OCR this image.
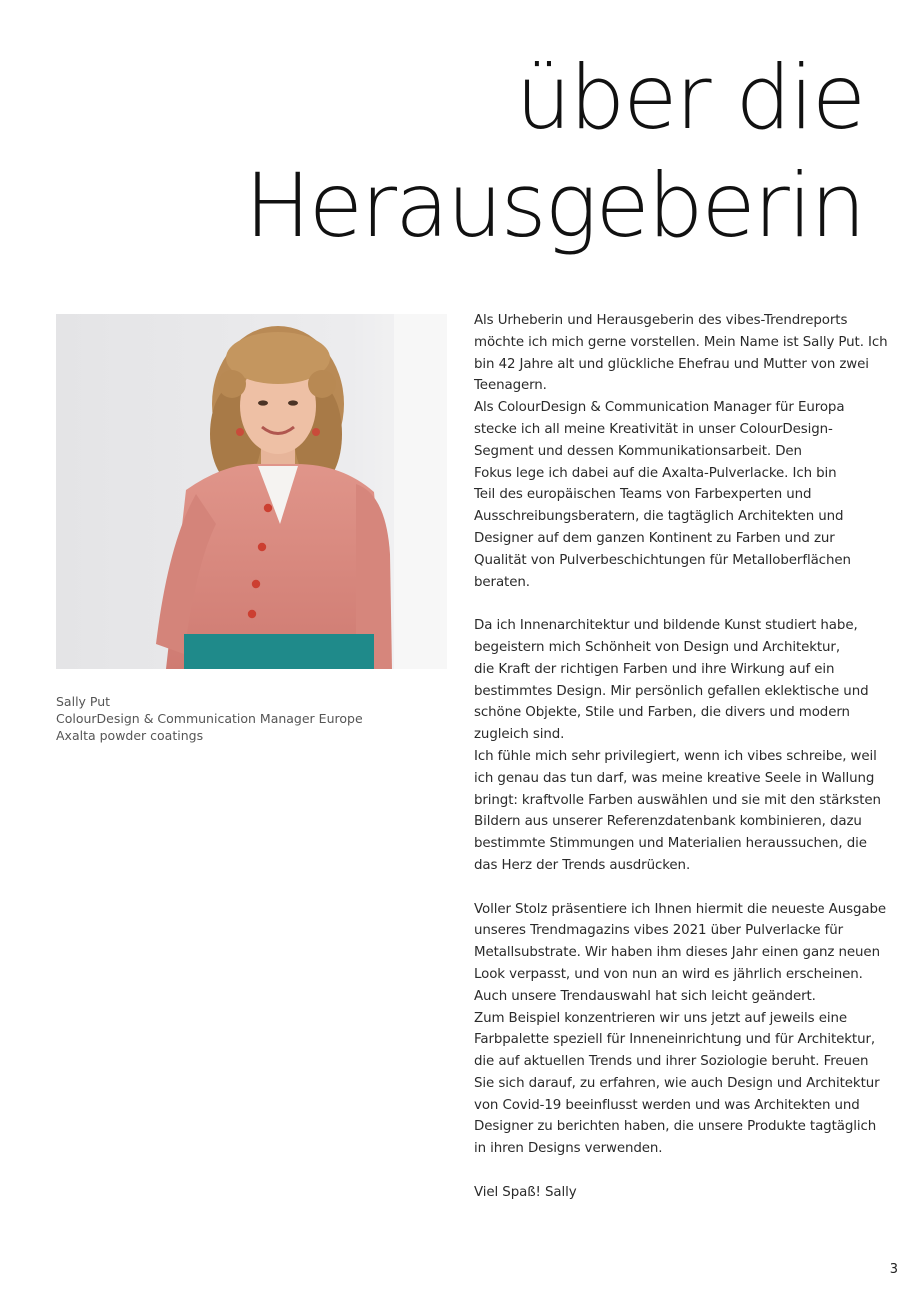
über die
Herausgeberin
Sally Put
ColourDesign & Communication Manager Europe
Axalta powder coatings
Als Urheberin und Herausgeberin des vibes-Trendreports
möchte ich mich gerne vorstellen. Mein Name ist Sally Put. Ich
bin 42 Jahre alt und glückliche Ehefrau und Mutter von zwei
Teenagern.
Als ColourDesign & Communication Manager für Europa
stecke ich all meine Kreativität in unser ColourDesign-
Segment und dessen Kommunikationsarbeit. Den
Fokus lege ich dabei auf die Axalta-Pulverlacke. Ich bin
Teil des europäischen Teams von Farbexperten und
Ausschreibungsberatern, die tagtäglich Architekten und
Designer auf dem ganzen Kontinent zu Farben und zur
Qualität von Pulverbeschichtungen für Metalloberflächen
beraten.
Da ich Innenarchitektur und bildende Kunst studiert habe,
begeistern mich Schönheit von Design und Architektur,
die Kraft der richtigen Farben und ihre Wirkung auf ein
bestimmtes Design. Mir persönlich gefallen eklektische und
schöne Objekte, Stile und Farben, die divers und modern
zugleich sind.
Ich fühle mich sehr privilegiert, wenn ich vibes schreibe, weil
ich genau das tun darf, was meine kreative Seele in Wallung
bringt: kraftvolle Farben auswählen und sie mit den stärksten
Bildern aus unserer Referenzdatenbank kombinieren, dazu
bestimmte Stimmungen und Materialien heraussuchen, die
das Herz der Trends ausdrücken.
Voller Stolz präsentiere ich Ihnen hiermit die neueste Ausgabe
unseres Trendmagazins vibes 2021 über Pulverlacke für
Metallsubstrate. Wir haben ihm dieses Jahr einen ganz neuen
Look verpasst, und von nun an wird es jährlich erscheinen.
Auch unsere Trendauswahl hat sich leicht geändert.
Zum Beispiel konzentrieren wir uns jetzt auf jeweils eine
Farbpalette speziell für Inneneinrichtung und für Architektur,
die auf aktuellen Trends und ihrer Soziologie beruht. Freuen
Sie sich darauf, zu erfahren, wie auch Design und Architektur
von Covid-19 beeinflusst werden und was Architekten und
Designer zu berichten haben, die unsere Produkte tagtäglich
in ihren Designs verwenden.
Viel Spaß! Sally
3
